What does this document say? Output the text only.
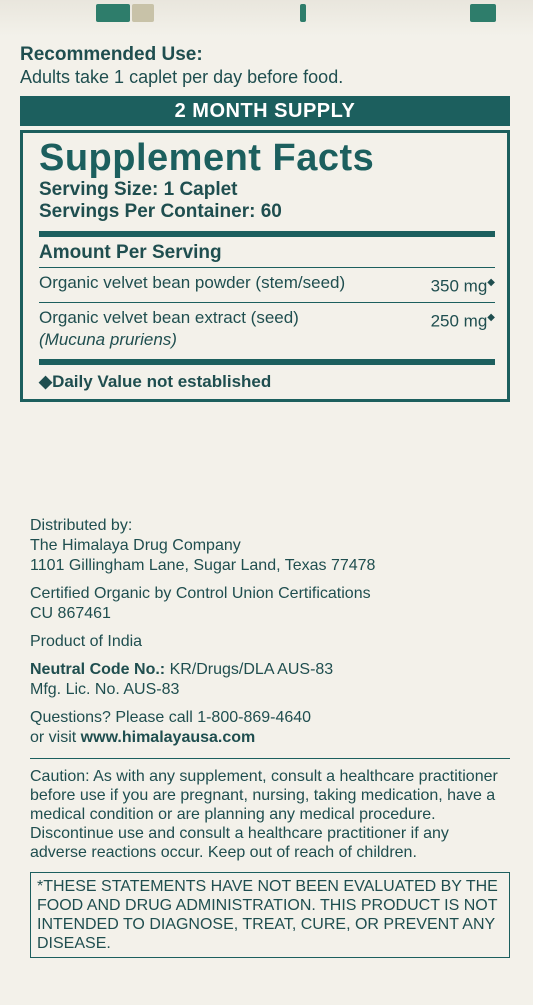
Recommended Use:
Adults take 1 caplet per day before food.
2 MONTH SUPPLY
Supplement Facts
Serving Size: 1 Caplet
Servings Per Container: 60
Amount Per Serving
Organic velvet bean powder (stem/seed)	350 mg◆
Organic velvet bean extract (seed)
(Mucuna pruriens)
250 mg◆
◆Daily Value not established

Distributed by:
The Himalaya Drug Company
1101 Gillingham Lane, Sugar Land, Texas 77478

Certified Organic by Control Union Certifications
CU 867461

Product of India

Neutral Code No.: KR/Drugs/DLA AUS-83
Mfg. Lic. No. AUS-83

Questions? Please call 1-800-869-4640
or visit www.himalayausa.com

Caution: As with any supplement, consult a healthcare practitioner before use if you are pregnant, nursing, taking medication, have a medical condition or are planning any medical procedure. Discontinue use and consult a healthcare practitioner if any adverse reactions occur. Keep out of reach of children.
*THESE STATEMENTS HAVE NOT BEEN EVALUATED BY THE FOOD AND DRUG ADMINISTRATION. THIS PRODUCT IS NOT INTENDED TO DIAGNOSE, TREAT, CURE, OR PREVENT ANY DISEASE.
